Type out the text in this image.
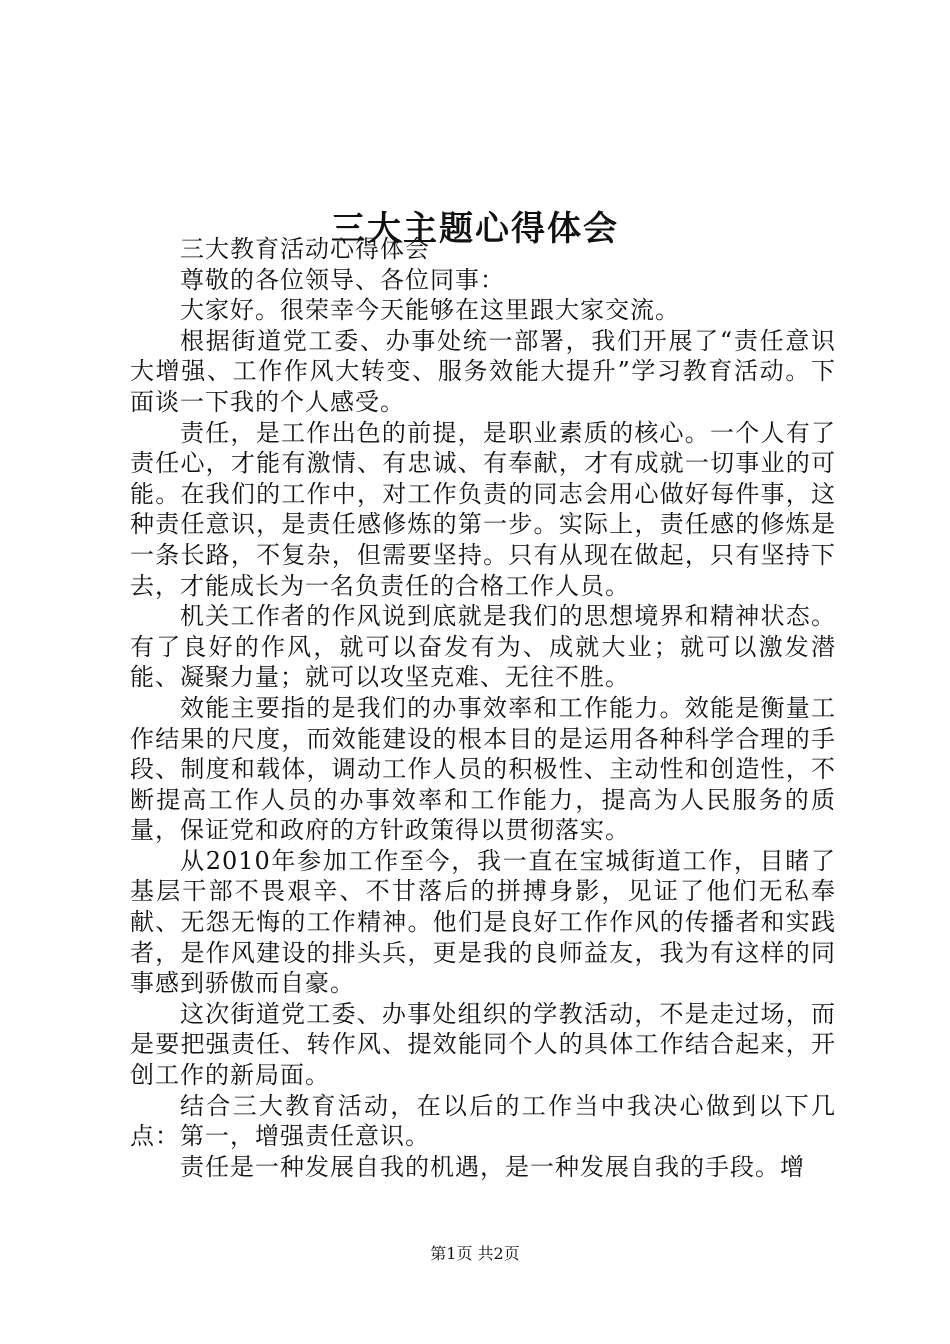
三大主题心得体会

三大教育活动心得体会

尊敬的各位领导、各位同事：

大家好。很荣幸今天能够在这里跟大家交流。

根据街道党工委、办事处统一部署，我们开展了“责任意识大增强、工作作风大转变、服务效能大提升”学习教育活动。下面谈一下我的个人感受。

责任，是工作出色的前提，是职业素质的核心。一个人有了责任心，才能有激情、有忠诚、有奉献，才有成就一切事业的可能。在我们的工作中，对工作负责的同志会用心做好每件事，这种责任意识，是责任感修炼的第一步。实际上，责任感的修炼是一条长路，不复杂，但需要坚持。只有从现在做起，只有坚持下去，才能成长为一名负责任的合格工作人员。

机关工作者的作风说到底就是我们的思想境界和精神状态。有了良好的作风，就可以奋发有为、成就大业；就可以激发潜能、凝聚力量；就可以攻坚克难、无往不胜。

效能主要指的是我们的办事效率和工作能力。效能是衡量工作结果的尺度，而效能建设的根本目的是运用各种科学合理的手段、制度和载体，调动工作人员的积极性、主动性和创造性，不断提高工作人员的办事效率和工作能力，提高为人民服务的质量，保证党和政府的方针政策得以贯彻落实。

从2010年参加工作至今，我一直在宝城街道工作，目睹了基层干部不畏艰辛、不甘落后的拼搏身影，见证了他们无私奉献、无怨无悔的工作精神。他们是良好工作作风的传播者和实践者，是作风建设的排头兵，更是我的良师益友，我为有这样的同事感到骄傲而自豪。

这次街道党工委、办事处组织的学教活动，不是走过场，而是要把强责任、转作风、提效能同个人的具体工作结合起来，开创工作的新局面。

结合三大教育活动，在以后的工作当中我决心做到以下几点：第一，增强责任意识。

责任是一种发展自我的机遇，是一种发展自我的手段。增

第1页 共2页
